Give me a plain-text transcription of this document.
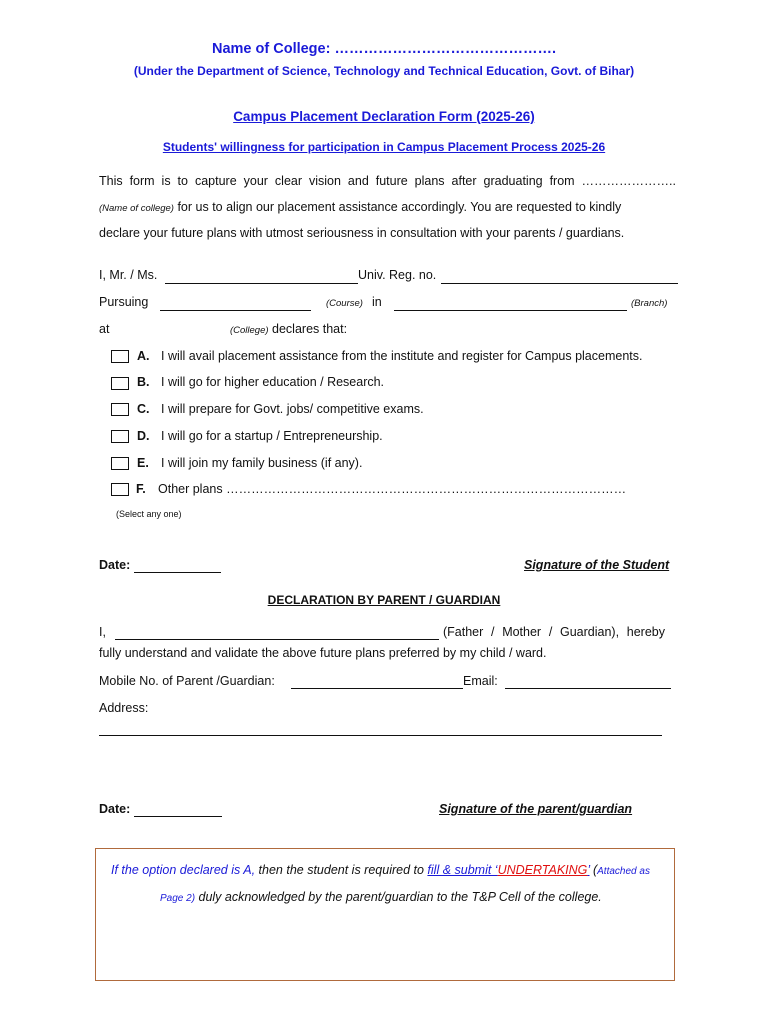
Name of College: ……………………………………….
(Under the Department of Science, Technology and Technical Education, Govt. of Bihar)
Campus Placement Declaration Form (2025-26)
Students' willingness for participation in Campus Placement Process 2025-26
This form is to capture your clear vision and future plans after graduating from …………………..
(Name of college) for us to align our placement assistance accordingly. You are requested to kindly
declare your future plans with utmost seriousness in consultation with your parents / guardians.
I, Mr. / Ms.	Univ. Reg. no.
Pursuing	(Course) in	(Branch)
at	(College) declares that:
A. I will avail placement assistance from the institute and register for Campus placements.
B. I will go for higher education / Research.
C. I will prepare for Govt. jobs/ competitive exams.
D. I will go for a startup / Entrepreneurship.
E. I will join my family business (if any).
F. Other plans ……………………………………………………………………………………
(Select any one)
Date:	Signature of the Student
DECLARATION BY PARENT / GUARDIAN
I,	(Father / Mother / Guardian), hereby
fully understand and validate the above future plans preferred by my child / ward.
Mobile No. of Parent /Guardian:	Email:
Address:
Date:	Signature of the parent/guardian
If the option declared is A, then the student is required to fill & submit ‘UNDERTAKING’ (Attached as
Page 2) duly acknowledged by the parent/guardian to the T&P Cell of the college.
